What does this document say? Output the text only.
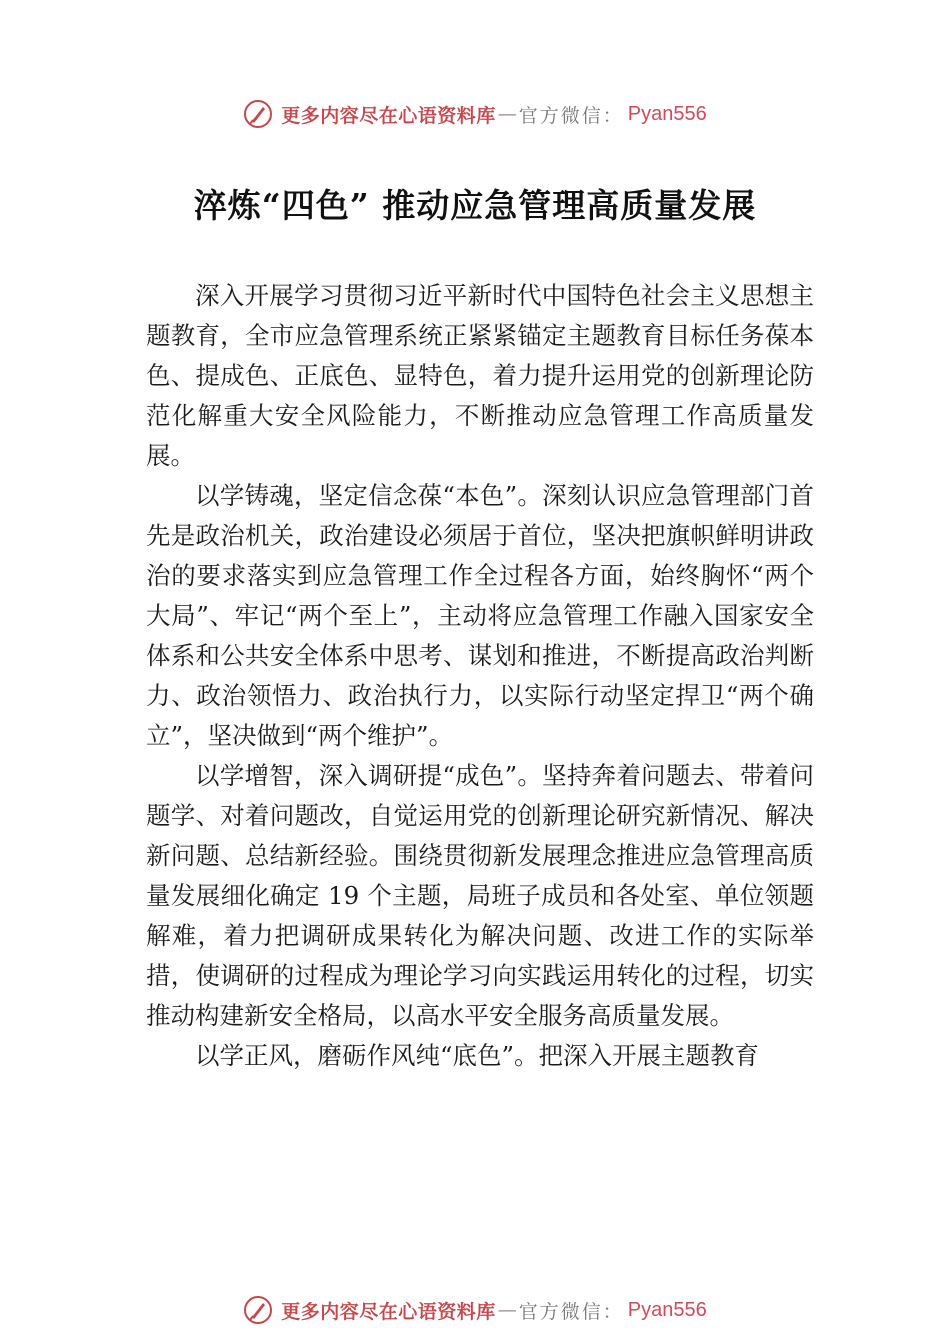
更多内容尽在心语资料库 — 官方微信： Pyan556
淬炼“四色” 推动应急管理高质量发展

深入开展学习贯彻习近平新时代中国特色社会主义思想主题教育，全市应急管理系统正紧紧锚定主题教育目标任务葆本色、提成色、正底色、显特色，着力提升运用党的创新理论防范化解重大安全风险能力，不断推动应急管理工作高质量发展。

以学铸魂，坚定信念葆“本色”。深刻认识应急管理部门首先是政治机关，政治建设必须居于首位，坚决把旗帜鲜明讲政治的要求落实到应急管理工作全过程各方面，始终胸怀“两个大局”、牢记“两个至上”，主动将应急管理工作融入国家安全体系和公共安全体系中思考、谋划和推进，不断提高政治判断力、政治领悟力、政治执行力，以实际行动坚定捍卫“两个确立”，坚决做到“两个维护”。

以学增智，深入调研提“成色”。坚持奔着问题去、带着问题学、对着问题改，自觉运用党的创新理论研究新情况、解决新问题、总结新经验。围绕贯彻新发展理念推进应急管理高质量发展细化确定 19 个主题，局班子成员和各处室、单位领题解难，着力把调研成果转化为解决问题、改进工作的实际举措，使调研的过程成为理论学习向实践运用转化的过程，切实推动构建新安全格局，以高水平安全服务高质量发展。

以学正风，磨砺作风纯“底色”。把深入开展主题教育

更多内容尽在心语资料库 — 官方微信： Pyan556
